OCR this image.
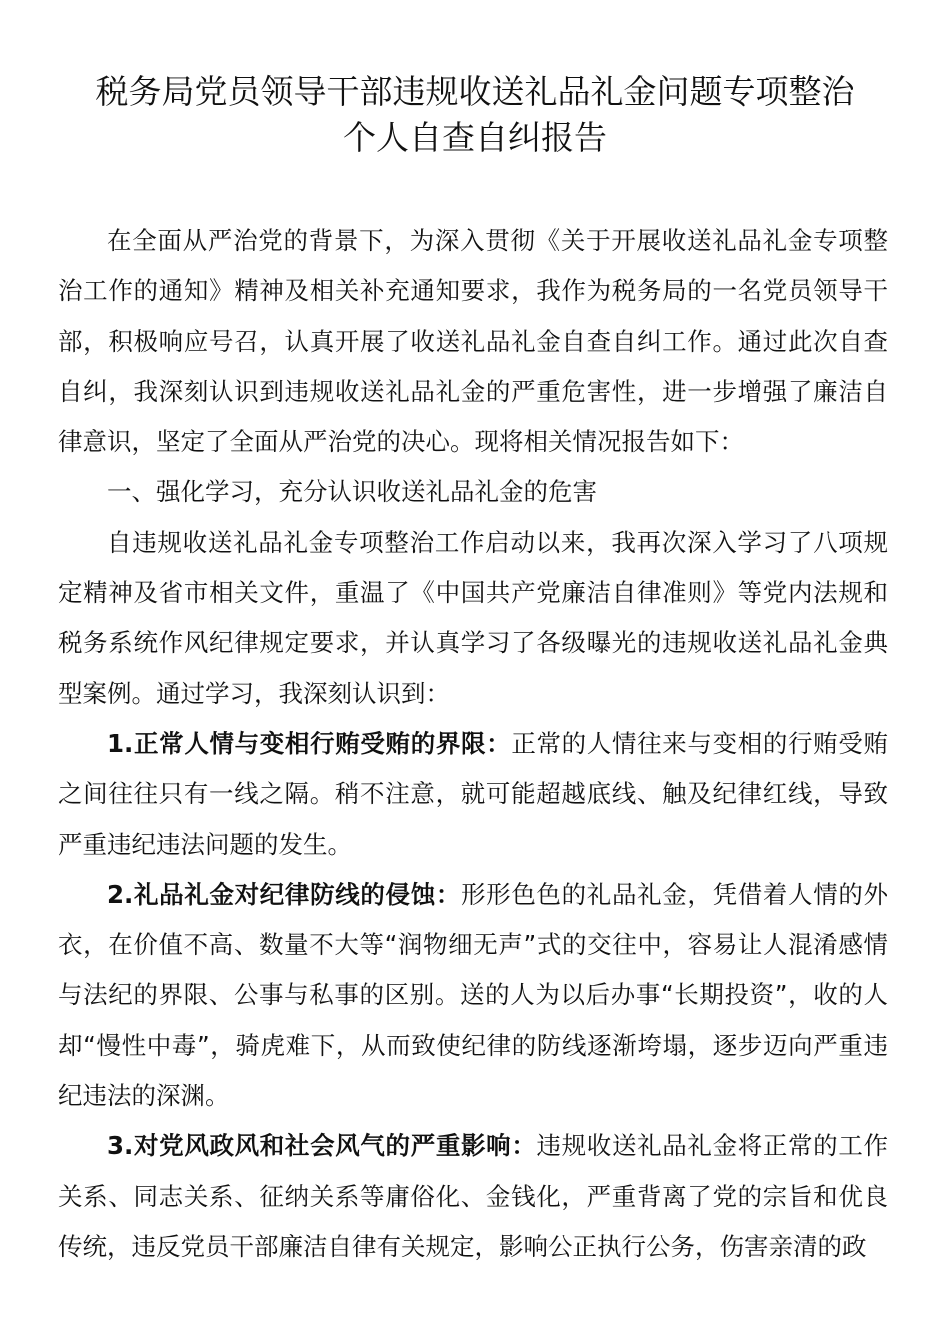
税务局党员领导干部违规收送礼品礼金问题专项整治
个人自查自纠报告

在全面从严治党的背景下，为深入贯彻《关于开展收送礼品礼金专项整治工作的通知》精神及相关补充通知要求，我作为税务局的一名党员领导干部，积极响应号召，认真开展了收送礼品礼金自查自纠工作。通过此次自查自纠，我深刻认识到违规收送礼品礼金的严重危害性，进一步增强了廉洁自律意识，坚定了全面从严治党的决心。现将相关情况报告如下：

一、强化学习，充分认识收送礼品礼金的危害

自违规收送礼品礼金专项整治工作启动以来，我再次深入学习了八项规定精神及省市相关文件，重温了《中国共产党廉洁自律准则》等党内法规和税务系统作风纪律规定要求，并认真学习了各级曝光的违规收送礼品礼金典型案例。通过学习，我深刻认识到：

1.正常人情与变相行贿受贿的界限：正常的人情往来与变相的行贿受贿之间往往只有一线之隔。稍不注意，就可能超越底线、触及纪律红线，导致严重违纪违法问题的发生。

2.礼品礼金对纪律防线的侵蚀：形形色色的礼品礼金，凭借着人情的外衣，在价值不高、数量不大等“润物细无声”式的交往中，容易让人混淆感情与法纪的界限、公事与私事的区别。送的人为以后办事“长期投资”，收的人却“慢性中毒”，骑虎难下，从而致使纪律的防线逐渐垮塌，逐步迈向严重违纪违法的深渊。

3.对党风政风和社会风气的严重影响：违规收送礼品礼金将正常的工作关系、同志关系、征纳关系等庸俗化、金钱化，严重背离了党的宗旨和优良传统，违反党员干部廉洁自律有关规定，影响公正执行公务，伤害亲清的政
